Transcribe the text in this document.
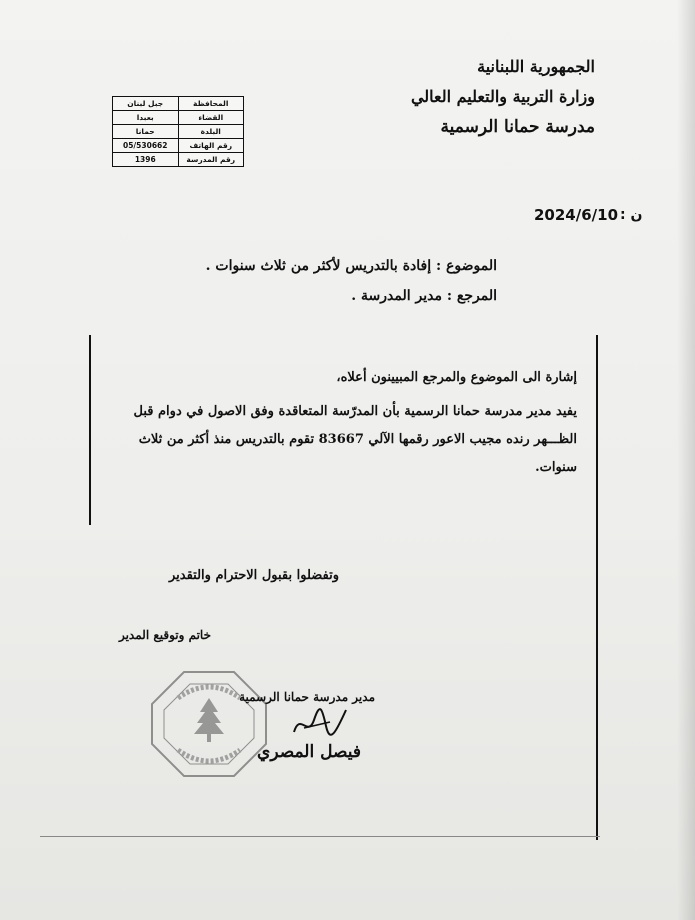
الجمهورية اللبنانية
وزارة التربية والتعليم العالي
مدرسة حمانا الرسمية
المحافظة	جبل لبنان
القضاء	بعبدا
البلدة	حمانا
رقم الهاتف	05/530662
رقم المدرسة	1396
2024/6/10 ن :
الموضوع : إفادة بالتدريس لأكثر من ثلاث سنوات .
المرجع : مدير المدرسة .
إشارة الى الموضوع والمرجع المبيينون أعلاه،
يفيد مدير مدرسة حمانا الرسمية بأن المدرّسة المتعاقدة وفق الاصول في دوام قبل
الظـــهر رنده مجيب الاعور رقمها الآلي 83667 تقوم بالتدريس منذ أكثر من ثلاث
سنوات.
وتفضلوا بقبول الاحترام والتقدير
خاتم وتوقيع المدير
مدير مدرسة حمانا الرسمية
فيصل المصري
